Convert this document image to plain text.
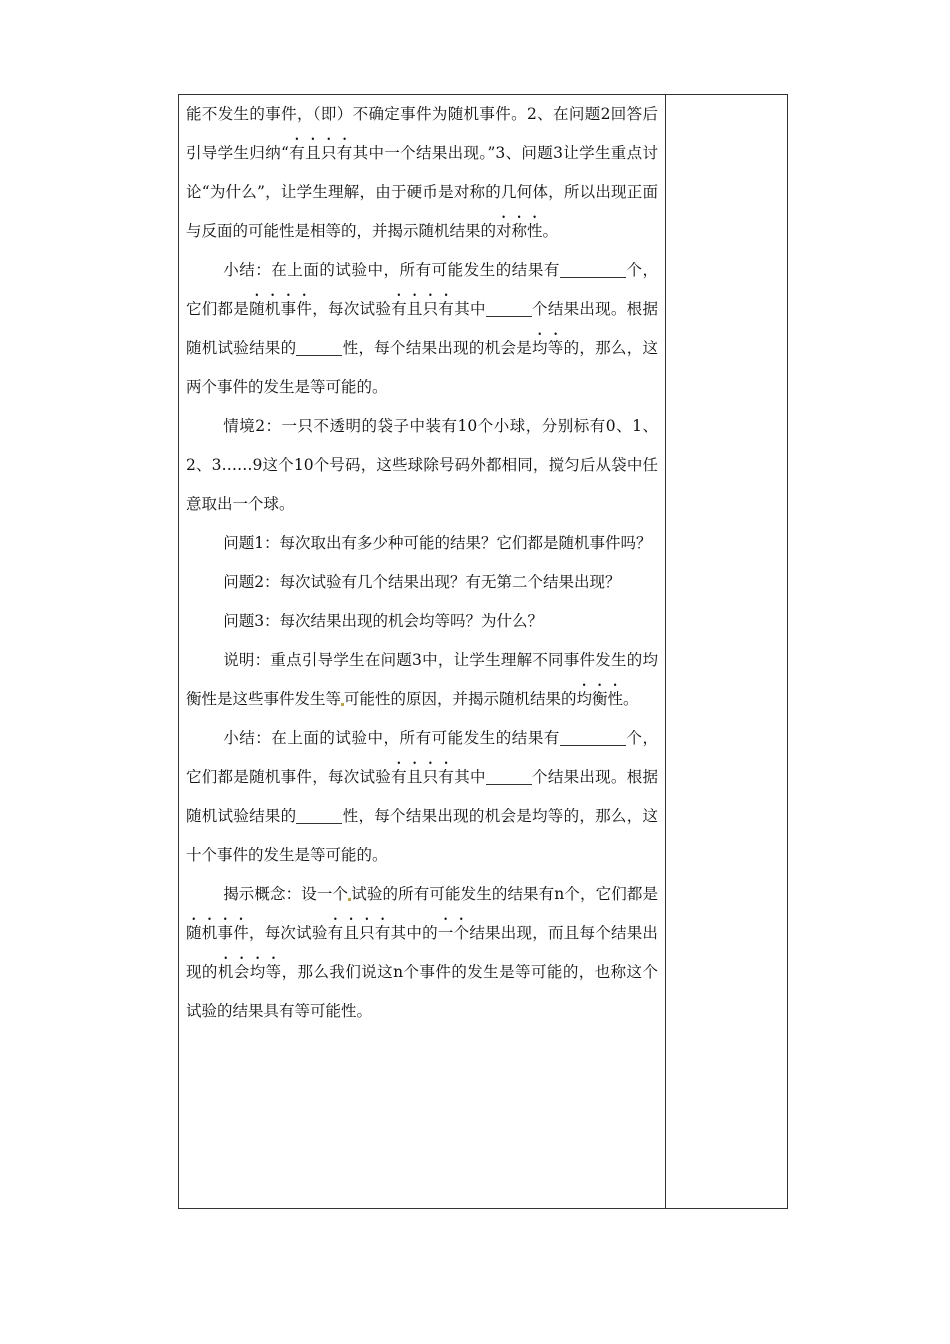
能不发生的事件，（即）不确定事件为随机事件。2、在问题2回答后引导学生归纳“有且只有其中一个结果出现。”3、问题3让学生重点讨论“为什么”，让学生理解，由于硬币是对称的几何体，所以出现正面与反面的可能性是相等的，并揭示随机结果的对称性。

小结：在上面的试验中，所有可能发生的结果有	个，它们都是随机事件，每次试验有且只有其中	个结果出现。根据随机试验结果的	性，每个结果出现的机会是均等的，那么，这两个事件的发生是等可能的。

情境2：一只不透明的袋子中装有10个小球，分别标有0、1、2、3……9这个10个号码，这些球除号码外都相同，搅匀后从袋中任意取出一个球。

问题1：每次取出有多少种可能的结果？它们都是随机事件吗？

问题2：每次试验有几个结果出现？有无第二个结果出现？

问题3：每次结果出现的机会均等吗？为什么？

说明：重点引导学生在问题3中，让学生理解不同事件发生的均衡性是这些事件发生等 可能性的原因，并揭示随机结果的均衡性。

小结：在上面的试验中，所有可能发生的结果有	个，它们都是随机事件，每次试验有且只有其中	个结果出现。根据随机试验结果的	性，每个结果出现的机会是均等的，那么，这十个事件的发生是等可能的。

揭示概念：设一个 试验的所有可能发生的结果有n个，它们都是随机事件，每次试验有且只有其中的一个结果出现，而且每个结果出现的机会均等，那么我们说这n个事件的发生是等可能的，也称这个试验的结果具有等可能性。
